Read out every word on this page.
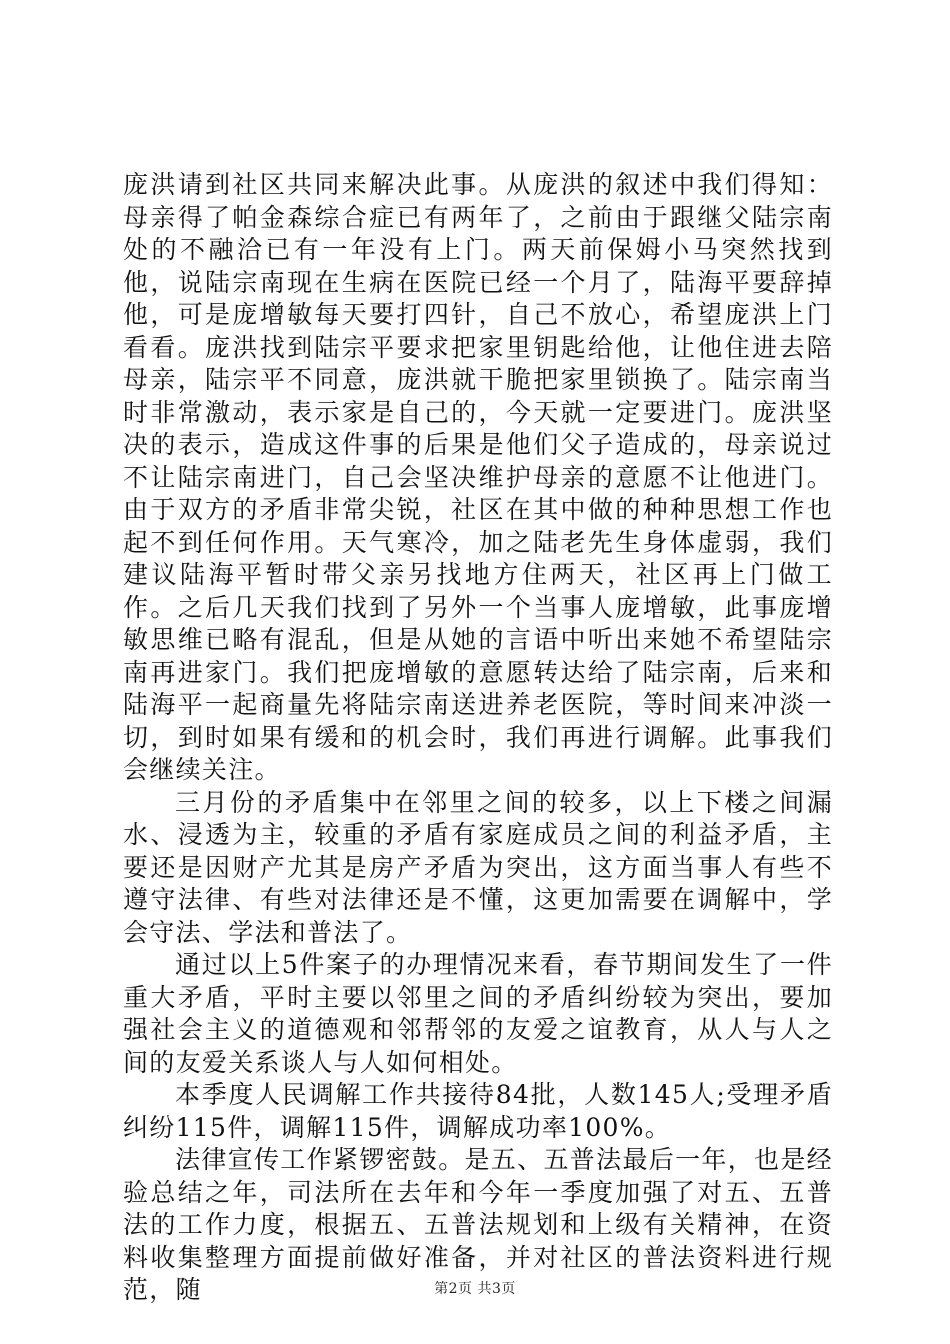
庞洪请到社区共同来解决此事。从庞洪的叙述中我们得知：母亲得了帕金森综合症已有两年了，之前由于跟继父陆宗南处的不融洽已有一年没有上门。两天前保姆小马突然找到他，说陆宗南现在生病在医院已经一个月了，陆海平要辞掉他，可是庞增敏每天要打四针，自己不放心，希望庞洪上门看看。庞洪找到陆宗平要求把家里钥匙给他，让他住进去陪母亲，陆宗平不同意，庞洪就干脆把家里锁换了。陆宗南当时非常激动，表示家是自己的，今天就一定要进门。庞洪坚决的表示，造成这件事的后果是他们父子造成的，母亲说过不让陆宗南进门，自己会坚决维护母亲的意愿不让他进门。由于双方的矛盾非常尖锐，社区在其中做的种种思想工作也起不到任何作用。天气寒冷，加之陆老先生身体虚弱，我们建议陆海平暂时带父亲另找地方住两天，社区再上门做工作。之后几天我们找到了另外一个当事人庞增敏，此事庞增敏思维已略有混乱，但是从她的言语中听出来她不希望陆宗南再进家门。我们把庞增敏的意愿转达给了陆宗南，后来和陆海平一起商量先将陆宗南送进养老医院，等时间来冲淡一切，到时如果有缓和的机会时，我们再进行调解。此事我们会继续关注。

三月份的矛盾集中在邻里之间的较多，以上下楼之间漏水、浸透为主，较重的矛盾有家庭成员之间的利益矛盾，主要还是因财产尤其是房产矛盾为突出，这方面当事人有些不遵守法律、有些对法律还是不懂，这更加需要在调解中，学会守法、学法和普法了。

通过以上5件案子的办理情况来看，春节期间发生了一件重大矛盾，平时主要以邻里之间的矛盾纠纷较为突出，要加强社会主义的道德观和邻帮邻的友爱之谊教育，从人与人之间的友爱关系谈人与人如何相处。

本季度人民调解工作共接待84批，人数145人;受理矛盾纠纷115件，调解115件，调解成功率100%。

法律宣传工作紧锣密鼓。是五、五普法最后一年，也是经验总结之年，司法所在去年和今年一季度加强了对五、五普法的工作力度，根据五、五普法规划和上级有关精神，在资料收集整理方面提前做好准备，并对社区的普法资料进行规范，随	第2页 共3页
